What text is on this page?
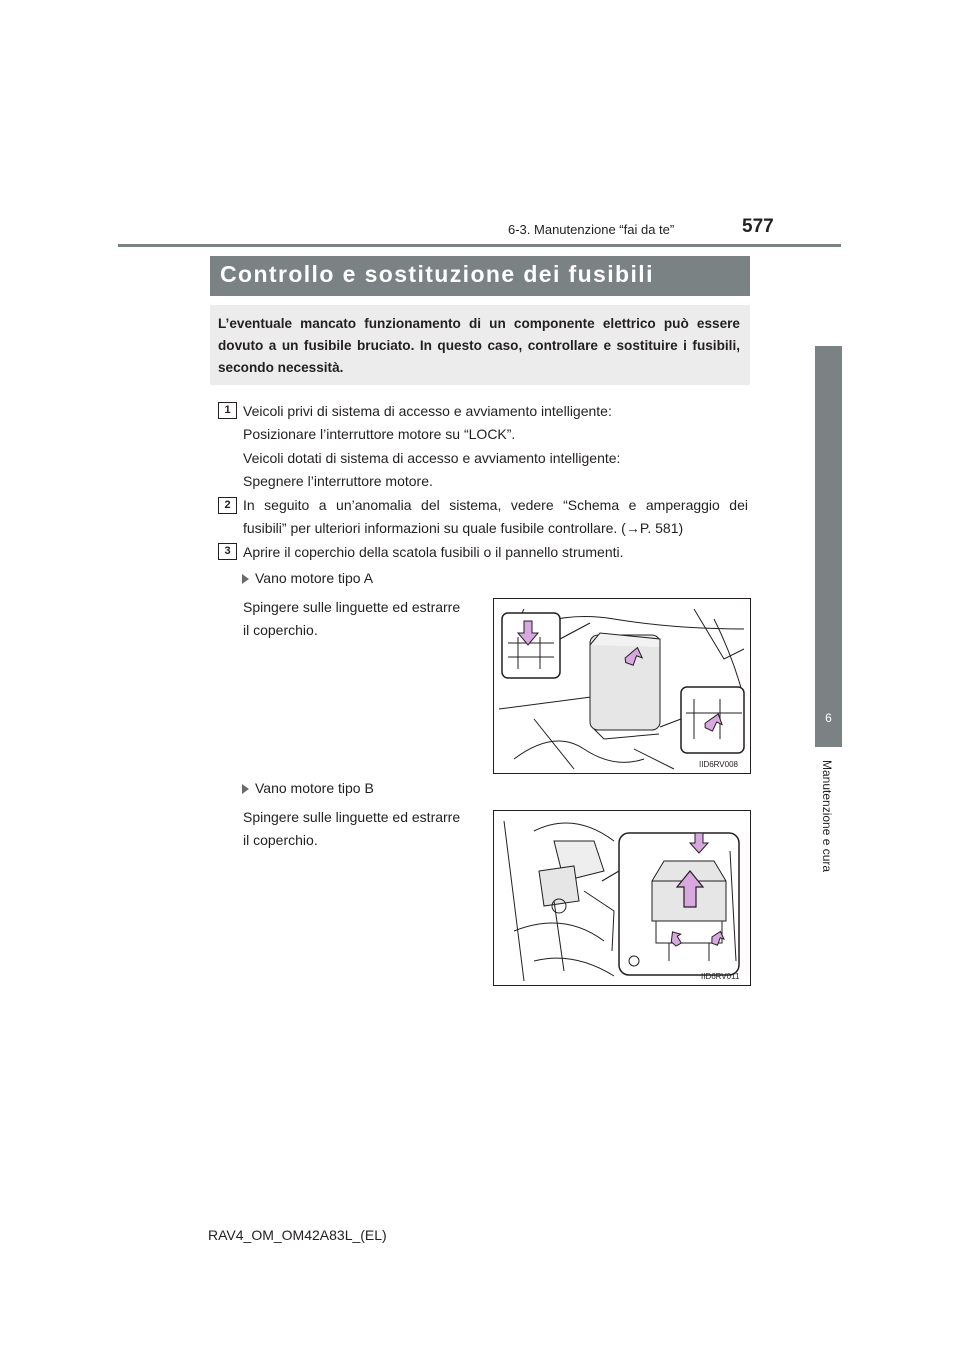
6-3. Manutenzione “fai da te”	577
6
Manutenzione e cura
Controllo e sostituzione dei fusibili

L’eventuale mancato funzionamento di un componente elettrico può essere dovuto a un fusibile bruciato. In questo caso, controllare e sostituire i fusibili, secondo necessità.

1 Veicoli privi di sistema di accesso e avviamento intelligente:
Posizionare l’interruttore motore su “LOCK”.
Veicoli dotati di sistema di accesso e avviamento intelligente:
Spegnere l’interruttore motore.
2 In seguito a un’anomalia del sistema, vedere “Schema e amperaggio dei
fusibili” per ulteriori informazioni su quale fusibile controllare. (→P. 581)
3 Aprire il coperchio della scatola fusibili o il pannello strumenti.
Vano motore tipo A
Spingere sulle linguette ed estrarre
il coperchio.
IID6RV008
Vano motore tipo B
Spingere sulle linguette ed estrarre
il coperchio.
IID6RV011
RAV4_OM_OM42A83L_(EL)
